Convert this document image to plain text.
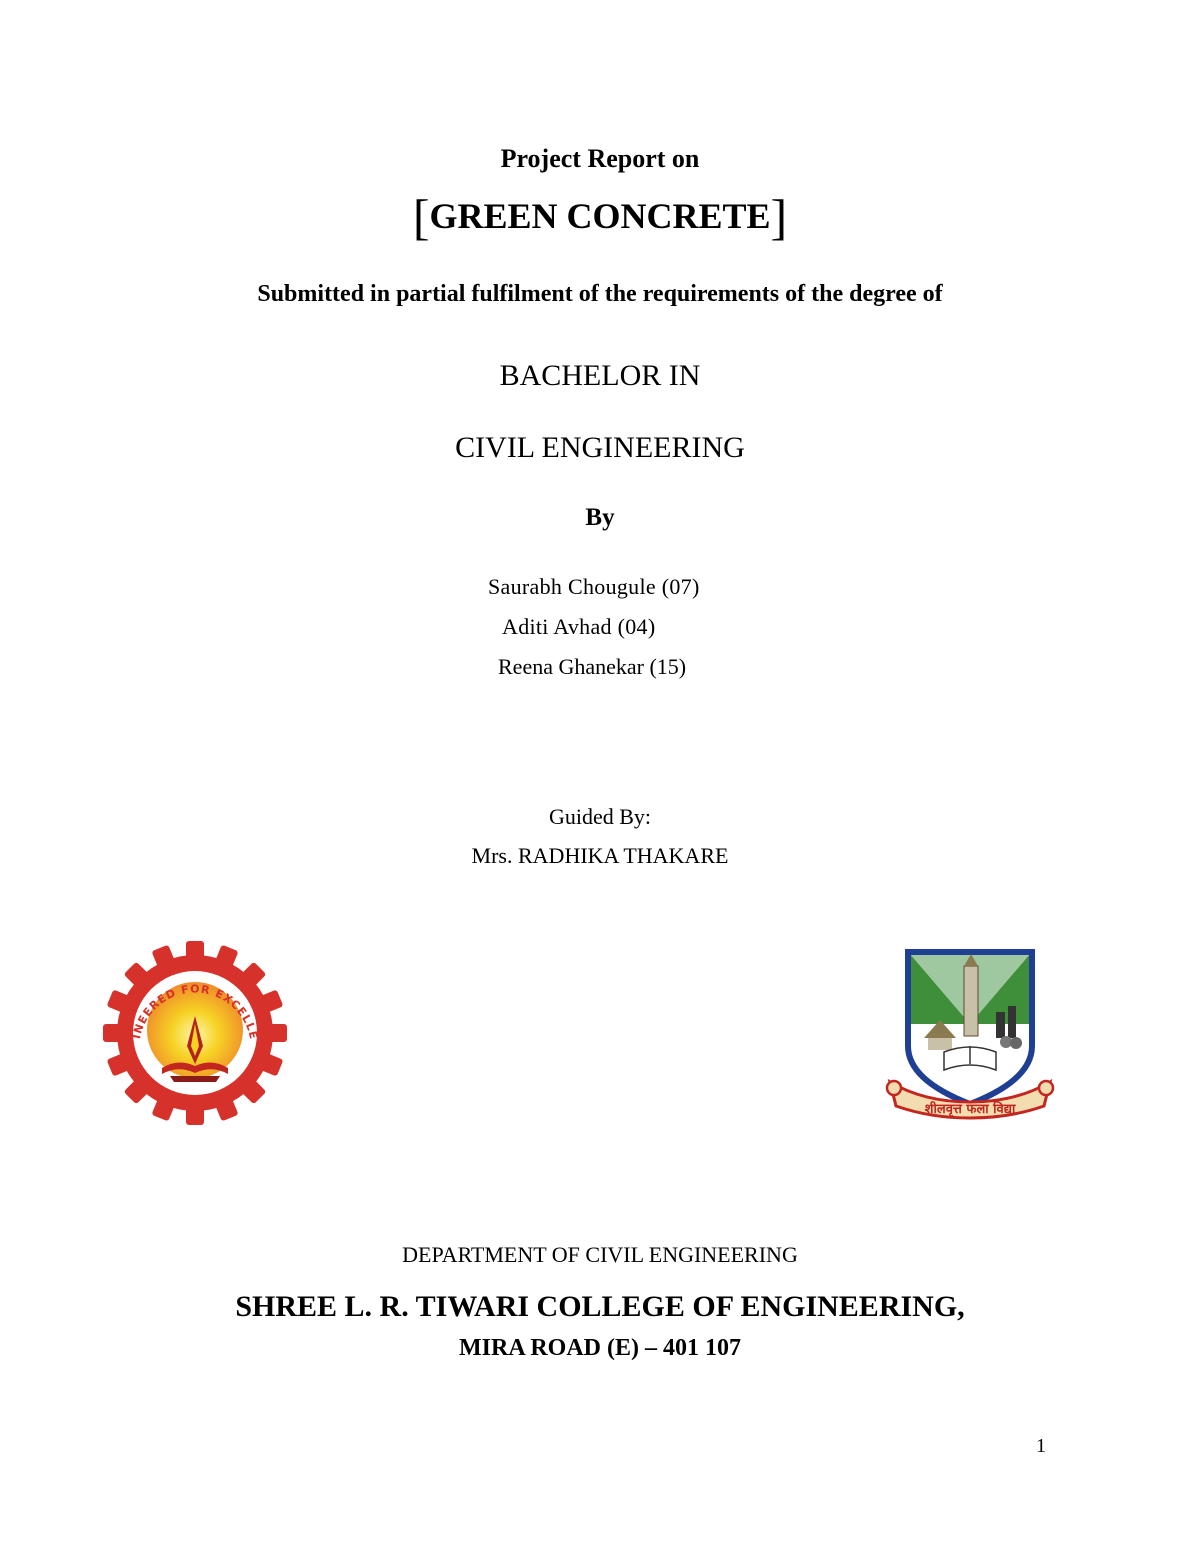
Project Report on
[GREEN CONCRETE]
Submitted in partial fulfilment of the requirements of the degree of
BACHELOR IN
CIVIL ENGINEERING
By
Saurabh Chougule (07)
Aditi Avhad (04)
Reena Ghanekar (15)
Guided By:
Mrs. RADHIKA THAKARE
INEERED FOR EXCELLE
शीलवृत्त फला विद्या
DEPARTMENT OF CIVIL ENGINEERING
SHREE L. R. TIWARI COLLEGE OF ENGINEERING,
MIRA ROAD (E) – 401 107
1
